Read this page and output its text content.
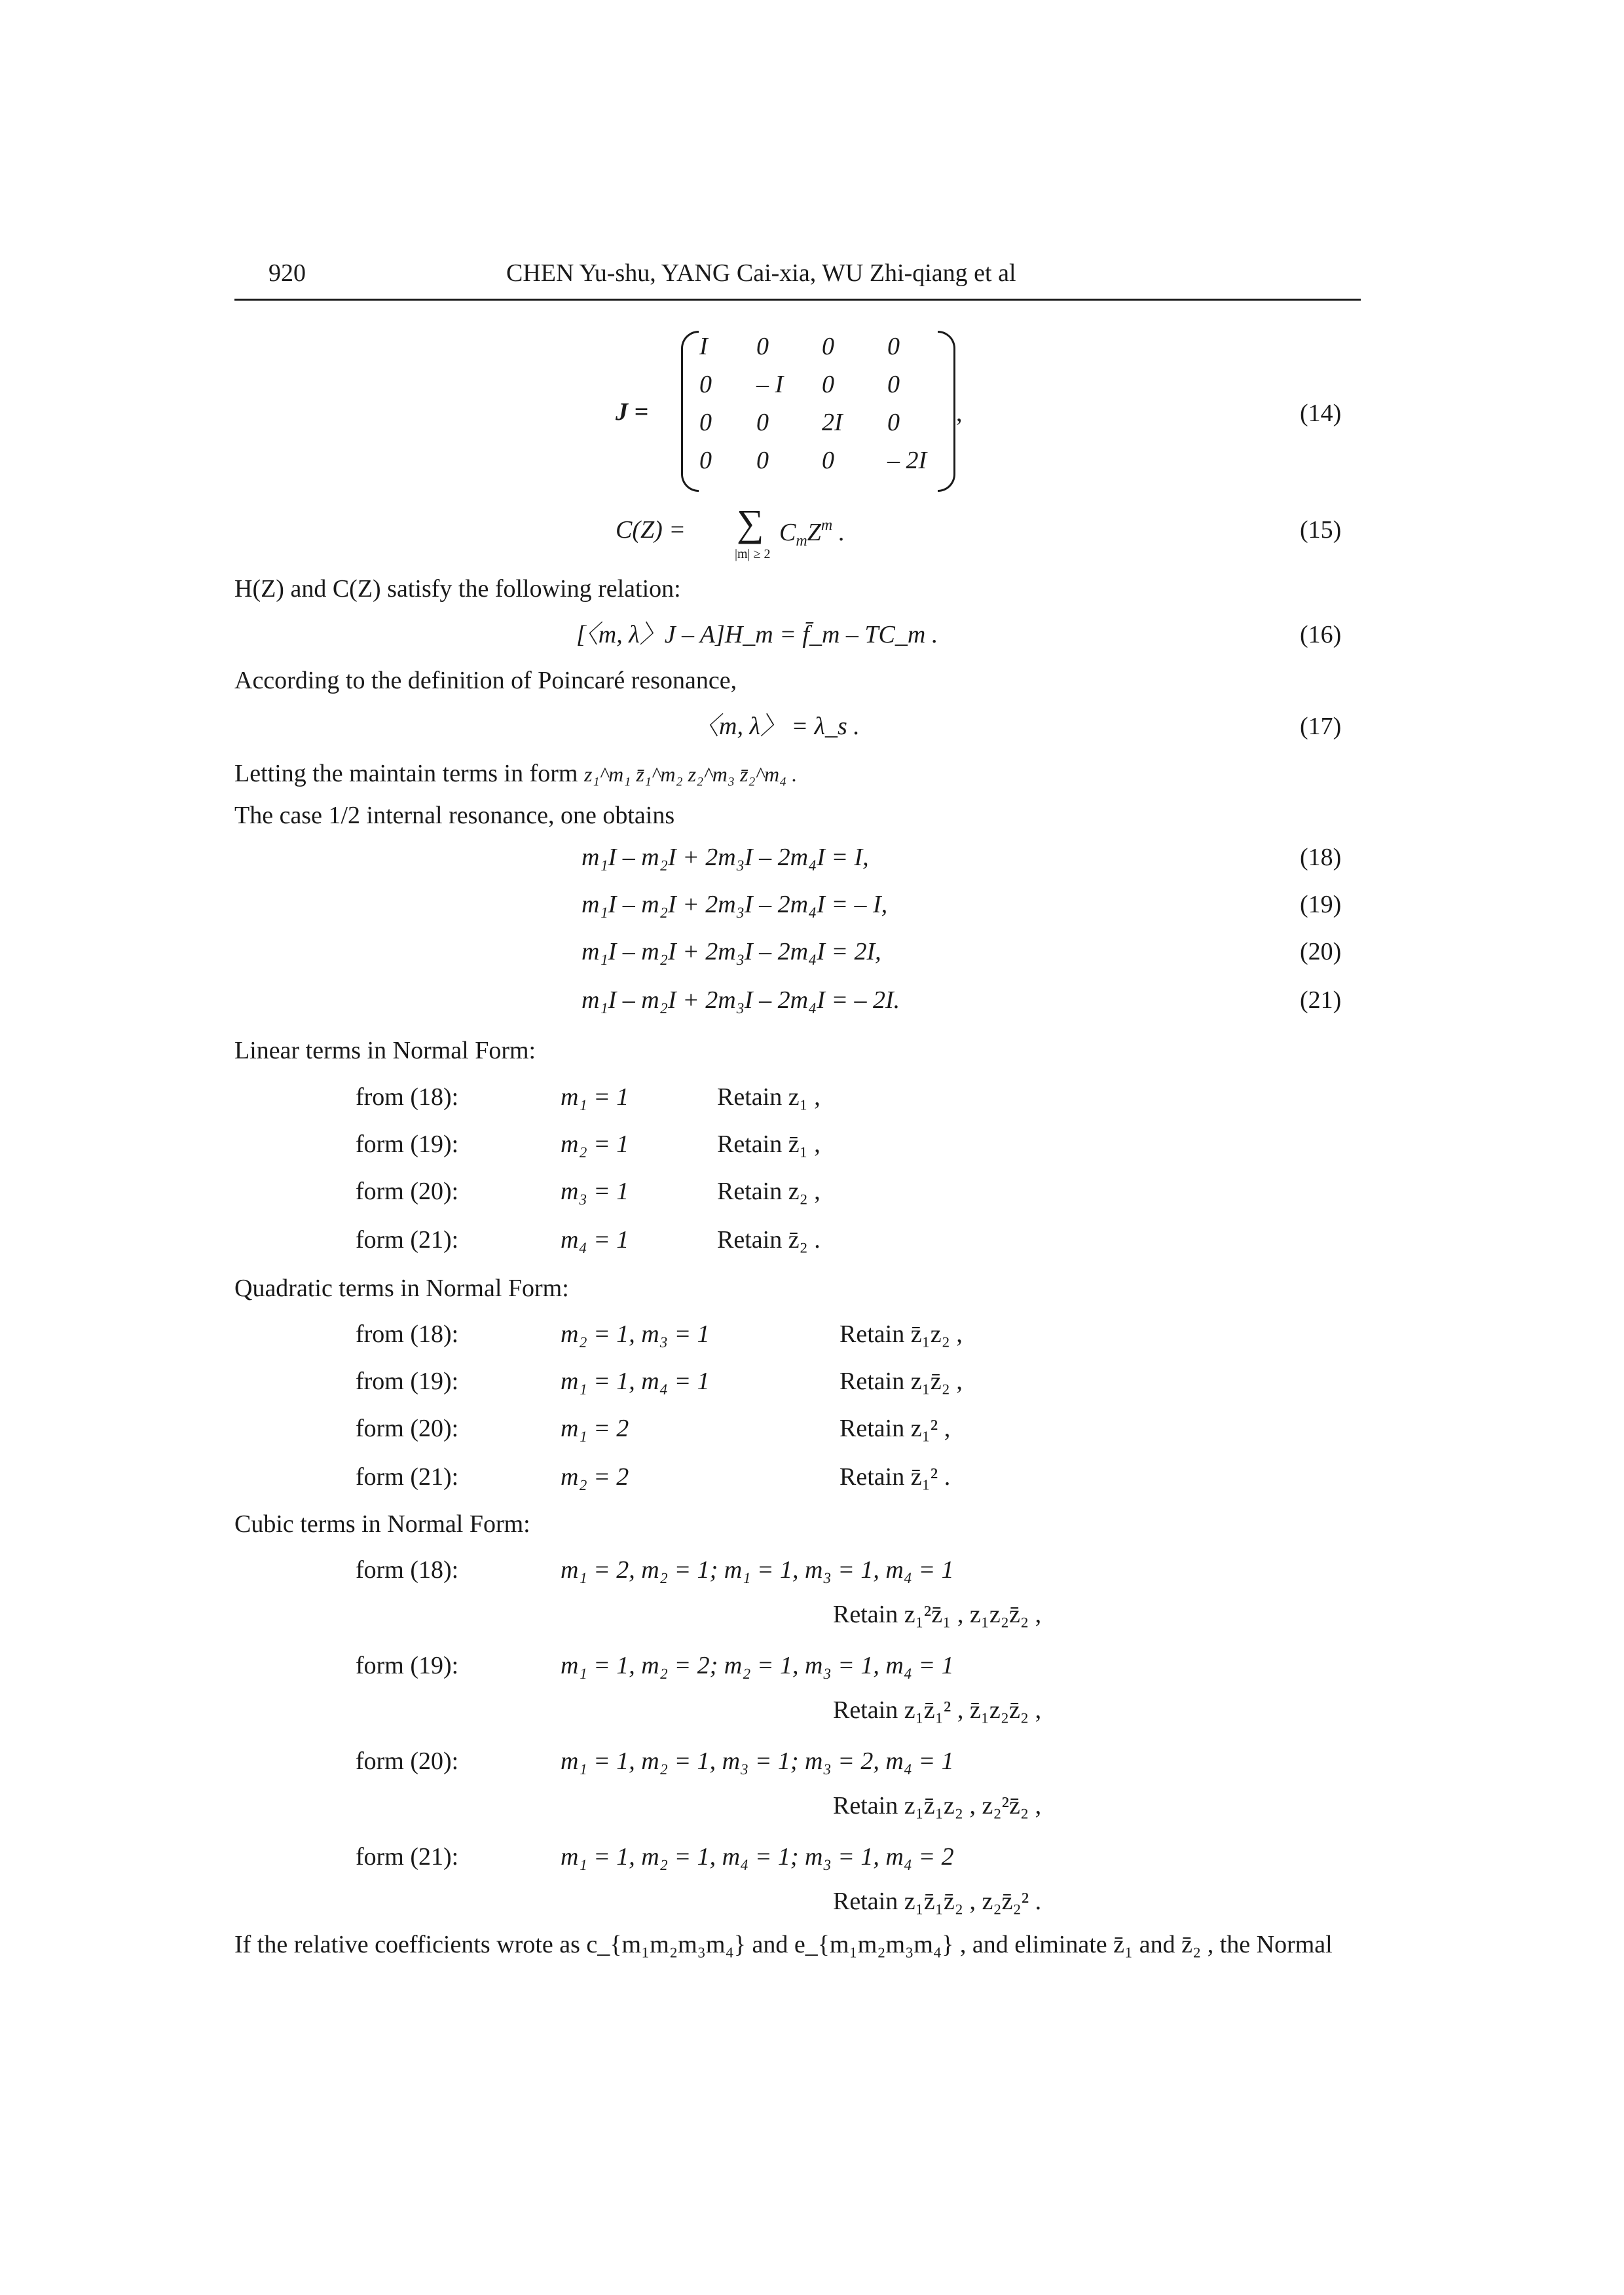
920	CHEN Yu-shu, YANG Cai-xia, WU Zhi-qiang et al
J =
I 0 0 0
0 – I 0 0
0 0 2I 0
0 0 0 – 2I
,	(14)
C(Z) = ∑
|m| ≥ 2
$C_mZ^m$ .	(15)
H(Z) and C(Z) satisfy the following relation:
[〈m, λ〉J – A]H_m = f̄_m – TC_m .	(16)
According to the definition of Poincaré resonance,
〈m, λ〉 = λ_s .	(17)
Letting the maintain terms in form z₁^m₁ z̄₁^m₂ z₂^m₃ z̄₂^m₄ .
The case 1/2 internal resonance, one obtains
m₁I – m₂I + 2m₃I – 2m₄I = I,	(18)
m₁I – m₂I + 2m₃I – 2m₄I = – I,	(19)
m₁I – m₂I + 2m₃I – 2m₄I = 2I,	(20)
m₁I – m₂I + 2m₃I – 2m₄I = – 2I.	(21)
Linear terms in Normal Form:
from (18):	m₁ = 1	Retain z₁ ,
form (19):	m₂ = 1	Retain z̄₁ ,
form (20):	m₃ = 1	Retain z₂ ,
form (21):	m₄ = 1	Retain z̄₂ .
Quadratic terms in Normal Form:
from (18):	m₂ = 1, m₃ = 1	Retain z̄₁z₂ ,
from (19):	m₁ = 1, m₄ = 1	Retain z₁z̄₂ ,
form (20):	m₁ = 2	Retain z₁² ,
form (21):	m₂ = 2	Retain z̄₁² .
Cubic terms in Normal Form:
form (18):	m₁ = 2, m₂ = 1; m₁ = 1, m₃ = 1, m₄ = 1
Retain z₁²z̄₁ , z₁z₂z̄₂ ,
form (19):	m₁ = 1, m₂ = 2; m₂ = 1, m₃ = 1, m₄ = 1
Retain z₁z̄₁² , z̄₁z₂z̄₂ ,
form (20):	m₁ = 1, m₂ = 1, m₃ = 1; m₃ = 2, m₄ = 1
Retain z₁z̄₁z₂ , z₂²z̄₂ ,
form (21):	m₁ = 1, m₂ = 1, m₄ = 1; m₃ = 1, m₄ = 2
Retain z₁z̄₁z̄₂ , z₂z̄₂² .
If the relative coefficients wrote as c_{m₁m₂m₃m₄} and e_{m₁m₂m₃m₄} , and eliminate z̄₁ and z̄₂ , the Normal
